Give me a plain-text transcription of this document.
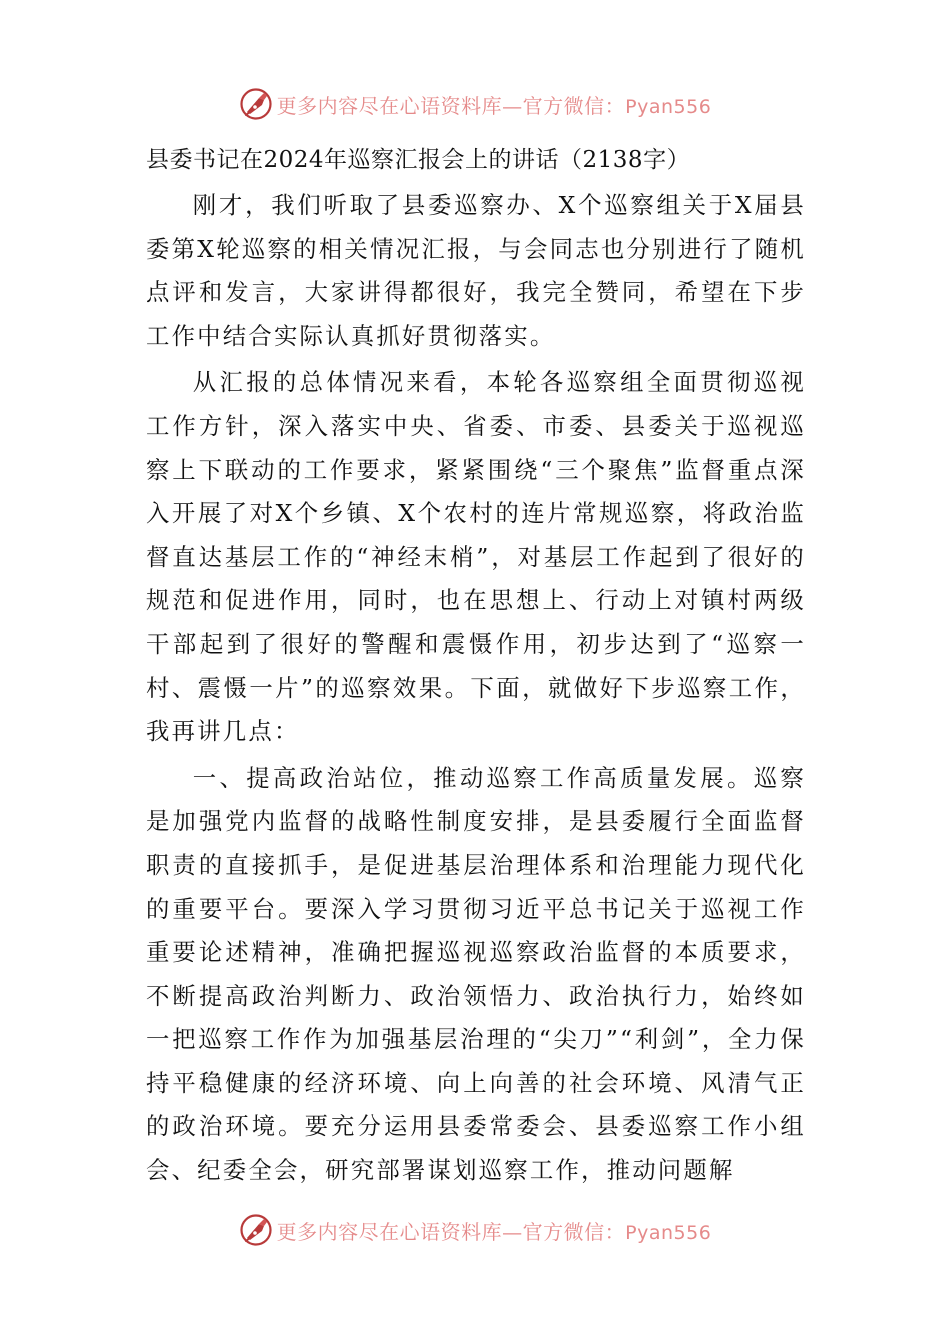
更多内容尽在心语资料库—官方微信：Pyan556
县委书记在2024年巡察汇报会上的讲话（2138字）

刚才，我们听取了县委巡察办、X个巡察组关于X届县委第X轮巡察的相关情况汇报，与会同志也分别进行了随机点评和发言，大家讲得都很好，我完全赞同，希望在下步工作中结合实际认真抓好贯彻落实。

从汇报的总体情况来看，本轮各巡察组全面贯彻巡视工作方针，深入落实中央、省委、市委、县委关于巡视巡察上下联动的工作要求，紧紧围绕“三个聚焦”监督重点深入开展了对X个乡镇、X个农村的连片常规巡察，将政治监督直达基层工作的“神经末梢”，对基层工作起到了很好的规范和促进作用，同时，也在思想上、行动上对镇村两级干部起到了很好的警醒和震慑作用，初步达到了“巡察一村、震慑一片”的巡察效果。下面，就做好下步巡察工作，我再讲几点：

一、提高政治站位，推动巡察工作高质量发展。巡察是加强党内监督的战略性制度安排，是县委履行全面监督职责的直接抓手，是促进基层治理体系和治理能力现代化的重要平台。要深入学习贯彻习近平总书记关于巡视工作重要论述精神，准确把握巡视巡察政治监督的本质要求，不断提高政治判断力、政治领悟力、政治执行力，始终如一把巡察工作作为加强基层治理的“尖刀”“利剑”，全力保持平稳健康的经济环境、向上向善的社会环境、风清气正的政治环境。要充分运用县委常委会、县委巡察工作小组会、纪委全会，研究部署谋划巡察工作，推动问题解

更多内容尽在心语资料库—官方微信：Pyan556
